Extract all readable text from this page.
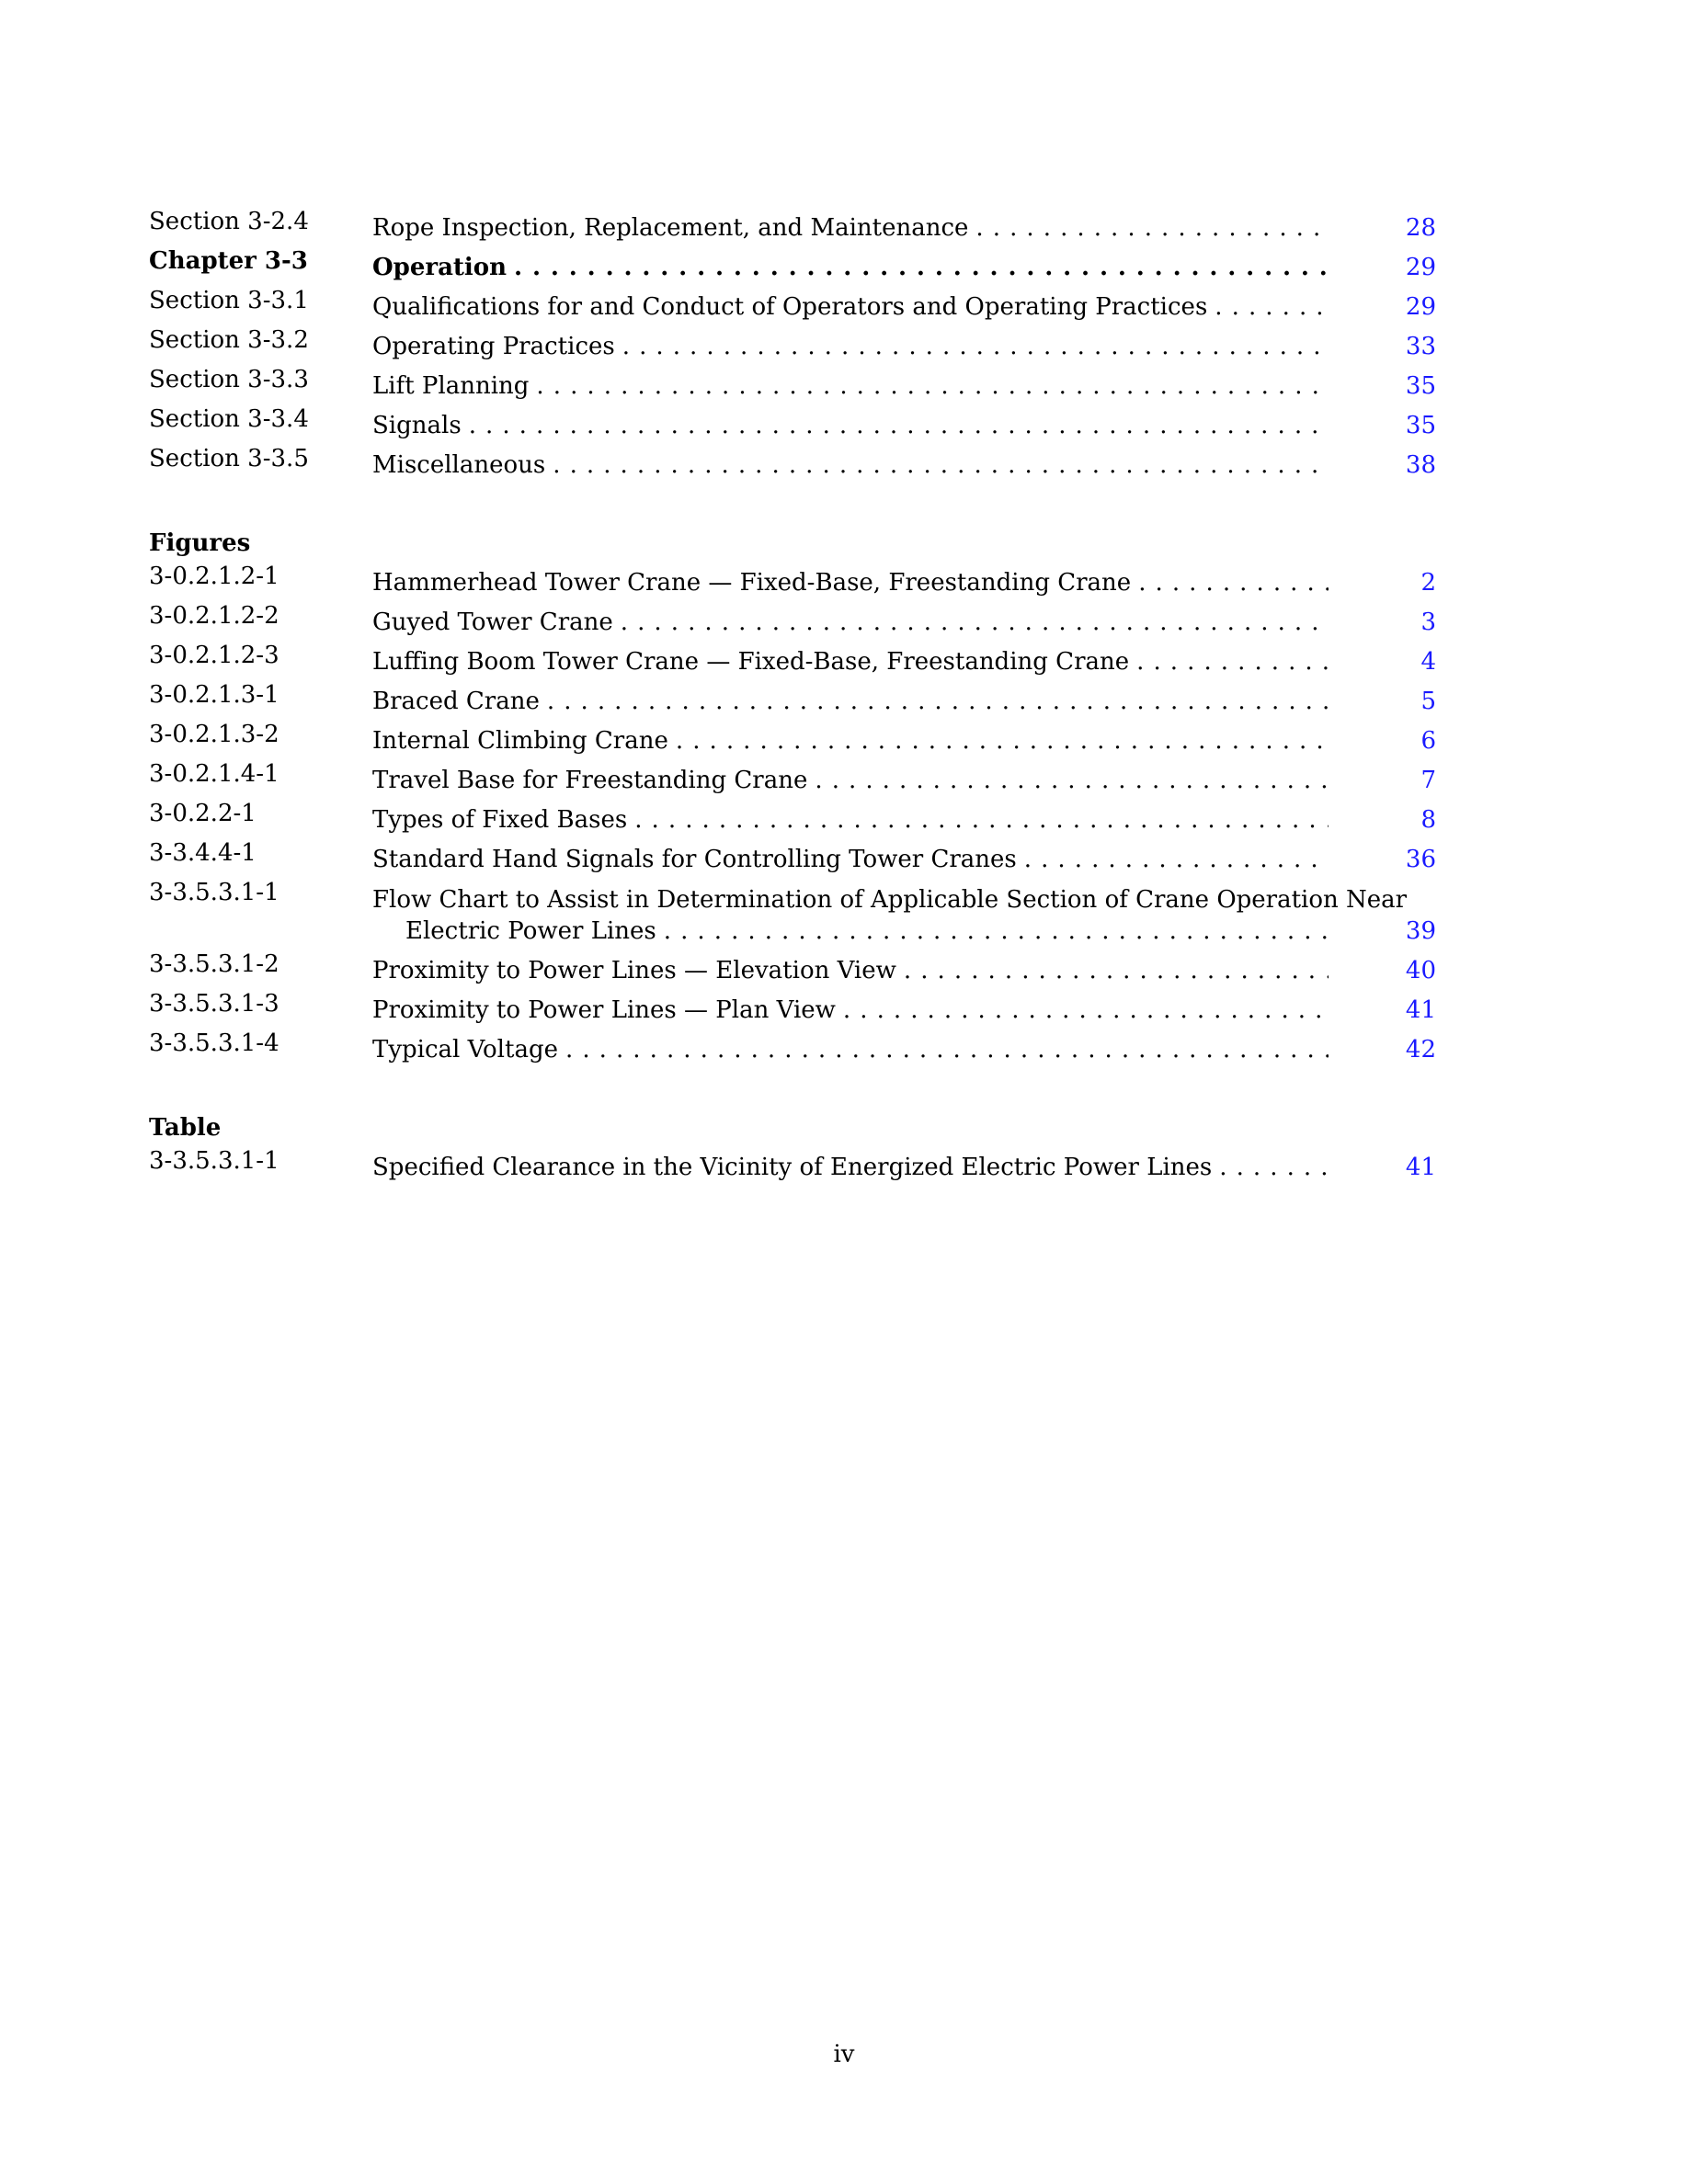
Section 3-2.4	Rope Inspection, Replacement, and Maintenance . . .	28
Chapter 3-3	Operation . . .	29
Section 3-3.1	Qualifications for and Conduct of Operators and Operating Practices . . .	29
Section 3-3.2	Operating Practices . . .	33
Section 3-3.3	Lift Planning . . .	35
Section 3-3.4	Signals . . .	35
Section 3-3.5	Miscellaneous . . .	38
Figures
3-0.2.1.2-1	Hammerhead Tower Crane — Fixed-Base, Freestanding Crane . . .	2
3-0.2.1.2-2	Guyed Tower Crane . . .	3
3-0.2.1.2-3	Luffing Boom Tower Crane — Fixed-Base, Freestanding Crane . . .	4
3-0.2.1.3-1	Braced Crane . . .	5
3-0.2.1.3-2	Internal Climbing Crane . . .	6
3-0.2.1.4-1	Travel Base for Freestanding Crane . . .	7
3-0.2.2-1	Types of Fixed Bases . . .	8
3-3.4.4-1	Standard Hand Signals for Controlling Tower Cranes . . .	36
3-3.5.3.1-1	Flow Chart to Assist in Determination of Applicable Section of Crane Operation Near
Electric Power Lines . . .	39
3-3.5.3.1-2	Proximity to Power Lines — Elevation View . . .	40
3-3.5.3.1-3	Proximity to Power Lines — Plan View . . .	41
3-3.5.3.1-4	Typical Voltage . . .	42
Table
3-3.5.3.1-1	Specified Clearance in the Vicinity of Energized Electric Power Lines . . .	41
iv
